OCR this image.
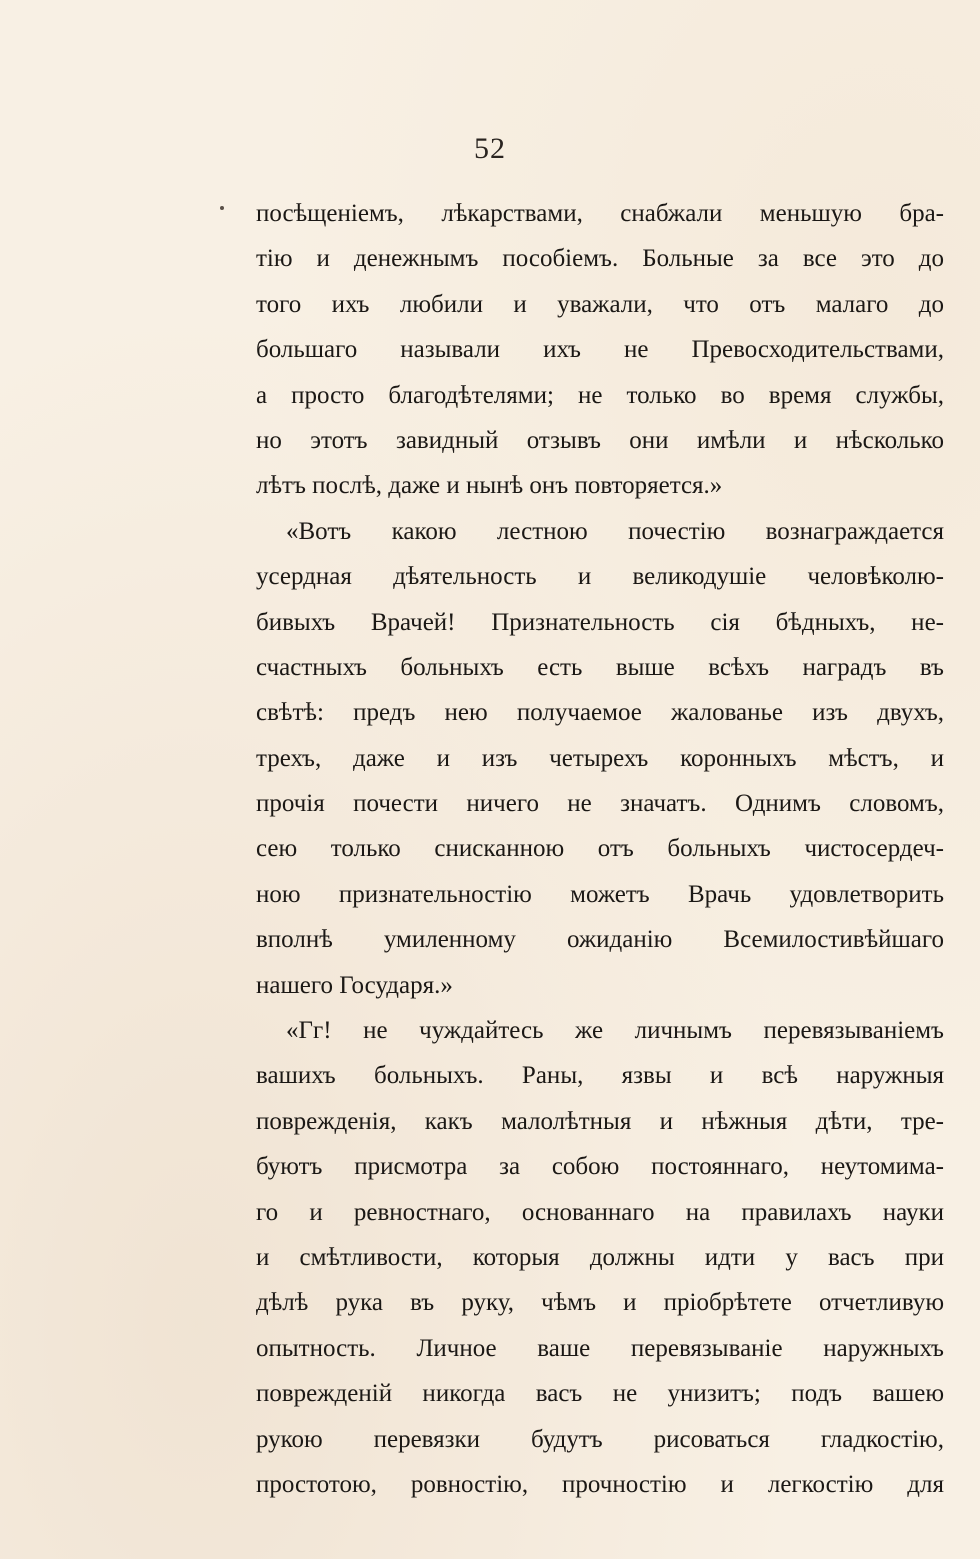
52
посѣщенiемъ, лѣкарствами, снабжали меньшую бра-
тiю и денежнымъ пособiемъ. Больные за все это до
того ихъ любили и уважали, что отъ малаго до
большаго называли ихъ не Превосходительствами,
а просто благодѣтелями; не только во время службы,
но этотъ завидный отзывъ они имѣли и нѣсколько
лѣтъ послѣ, даже и нынѣ онъ повторяется.»
«Вотъ какою лестною почестiю вознаграждается
усердная дѣятельность и великодушiе человѣколю-
бивыхъ Врачей! Признательность сiя бѣдныхъ, не-
счастныхъ больныхъ есть выше всѣхъ наградъ въ
свѣтѣ: предъ нею получаемое жалованье изъ двухъ,
трехъ, даже и изъ четырехъ коронныхъ мѣстъ, и
прочiя почести ничего не значатъ. Однимъ словомъ,
сею только снисканною отъ больныхъ чистосердеч-
ною признательностiю можетъ Врачь удовлетворить
вполнѣ умиленному ожиданiю Всемилостивѣйшаго
нашего Государя.»
«Гг! не чуждайтесь же личнымъ перевязыванiемъ
вашихъ больныхъ. Раны, язвы и всѣ наружныя
поврежденiя, какъ малолѣтныя и нѣжныя дѣти, тре-
буютъ присмотра за собою постояннаго, неутомима-
го и ревностнаго, основаннаго на правилахъ науки
и смѣтливости, которыя должны идти у васъ при
дѣлѣ рука въ руку, чѣмъ и прiобрѣтете отчетливую
опытность. Личное ваше перевязыванiе наружныхъ
поврежденiй никогда васъ не унизитъ; подъ вашею
рукою перевязки будутъ рисоваться гладкостiю,
простотою, ровностiю, прочностiю и легкостiю для
